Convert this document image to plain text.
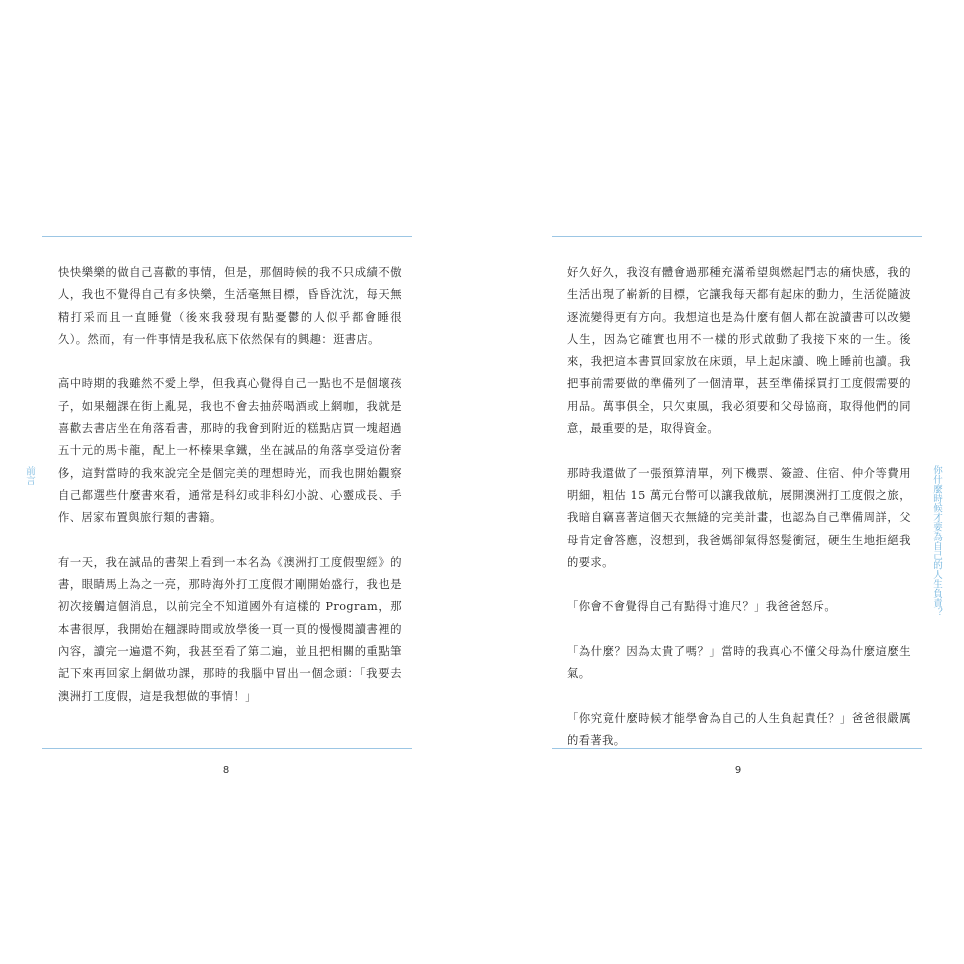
前言

快快樂樂的做自己喜歡的事情，但是，那個時候的我不只成績不傲人，我也不覺得自己有多快樂，生活毫無目標，昏昏沈沈，每天無精打采而且一直睡覺（後來我發現有點憂鬱的人似乎都會睡很久）。然而，有一件事情是我私底下依然保有的興趣：逛書店。

高中時期的我雖然不愛上學，但我真心覺得自己一點也不是個壞孩子，如果翹課在街上亂晃，我也不會去抽菸喝酒或上網咖，我就是喜歡去書店坐在角落看書，那時的我會到附近的糕點店買一塊超過五十元的馬卡龍，配上一杯榛果拿鐵，坐在誠品的角落享受這份奢侈，這對當時的我來說完全是個完美的理想時光，而我也開始觀察自己都選些什麼書來看，通常是科幻或非科幻小說、心靈成長、手作、居家布置與旅行類的書籍。

有一天，我在誠品的書架上看到一本名為《澳洲打工度假聖經》的書，眼睛馬上為之一亮，那時海外打工度假才剛開始盛行，我也是初次接觸這個消息，以前完全不知道國外有這樣的 Program，那本書很厚，我開始在翹課時間或放學後一頁一頁的慢慢閱讀書裡的內容，讀完一遍還不夠，我甚至看了第二遍，並且把相關的重點筆記下來再回家上網做功課，那時的我腦中冒出一個念頭：「我要去澳洲打工度假，這是我想做的事情！」

8

好久好久，我沒有體會過那種充滿希望與燃起鬥志的痛快感，我的生活出現了嶄新的目標，它讓我每天都有起床的動力，生活從隨波逐流變得更有方向。我想這也是為什麼有個人都在說讀書可以改變人生，因為它確實也用不一樣的形式啟動了我接下來的一生。後來，我把這本書買回家放在床頭，早上起床讀、晚上睡前也讀。我把事前需要做的準備列了一個清單，甚至準備採買打工度假需要的用品。萬事俱全，只欠東風，我必須要和父母協商，取得他們的同意，最重要的是，取得資金。

那時我還做了一張預算清單，列下機票、簽證、住宿、仲介等費用明細，粗估 15 萬元台幣可以讓我啟航，展開澳洲打工度假之旅，我暗自竊喜著這個天衣無縫的完美計畫，也認為自己準備周詳，父母肯定會答應，沒想到，我爸媽卻氣得怒髮衝冠，硬生生地拒絕我的要求。

「你會不會覺得自己有點得寸進尺？」我爸爸怒斥。

「為什麼？因為太貴了嗎？」當時的我真心不懂父母為什麼這麼生氣。

「你究竟什麼時候才能學會為自己的人生負起責任？」爸爸很嚴厲的看著我。

你什麼時候才要為自己的人生負責？
9
